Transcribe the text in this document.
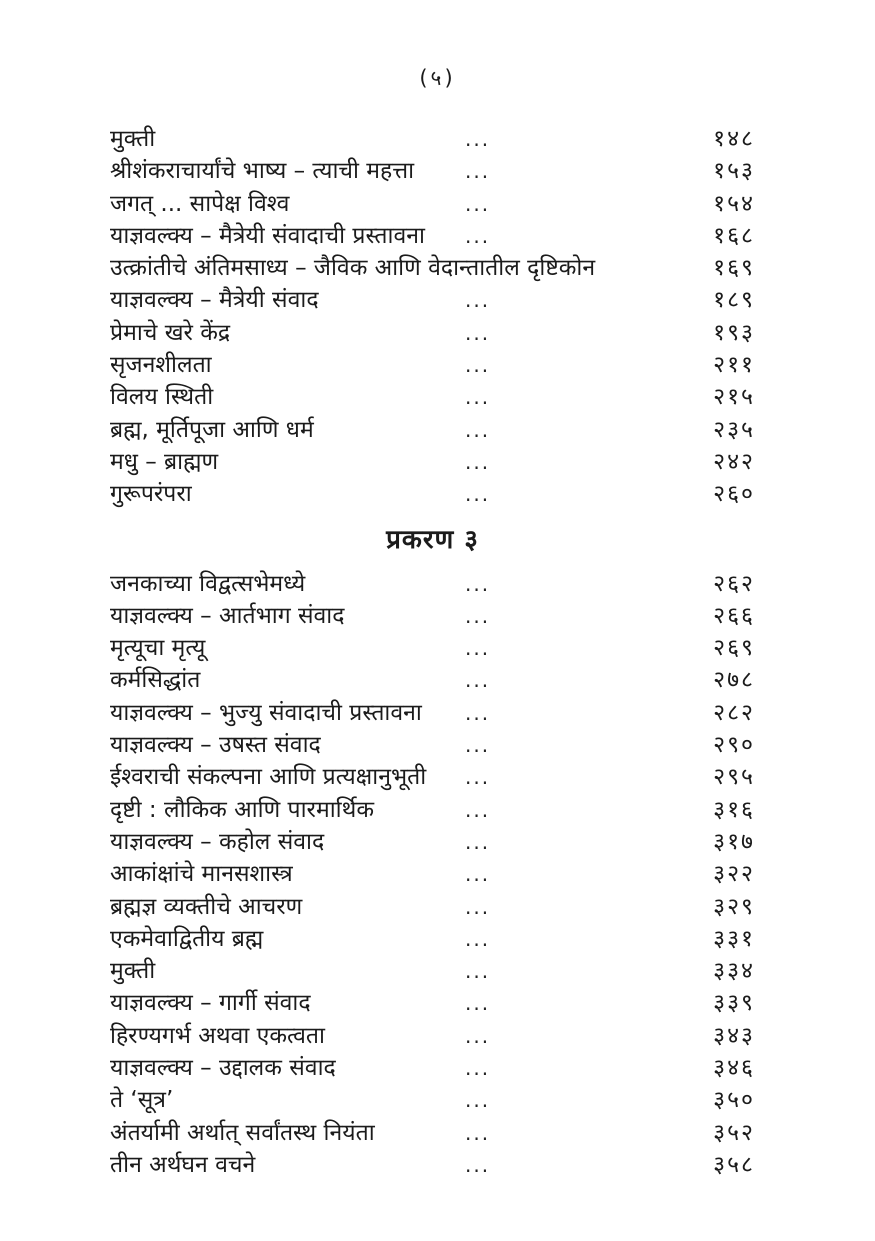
(५)
मुक्ती	...	१४८
श्रीशंकराचार्यांचे भाष्य – त्याची महत्ता	...	१५३
जगत् ... सापेक्ष विश्व	...	१५४
याज्ञवल्क्य – मैत्रेयी संवादाची प्रस्तावना	...	१६८
उत्क्रांतीचे अंतिमसाध्य – जैविक आणि वेदान्तातील दृष्टिकोन	१६९
याज्ञवल्क्य – मैत्रेयी संवाद	...	१८९
प्रेमाचे खरे केंद्र	...	१९३
सृजनशीलता	...	२११
विलय स्थिती	...	२१५
ब्रह्म, मूर्तिपूजा आणि धर्म	...	२३५
मधु – ब्राह्मण	...	२४२
गुरूपरंपरा	...	२६०
प्रकरण ३
जनकाच्या विद्वत्सभेमध्ये	...	२६२
याज्ञवल्क्य – आर्तभाग संवाद	...	२६६
मृत्यूचा मृत्यू	...	२६९
कर्मसिद्धांत	...	२७८
याज्ञवल्क्य – भुज्यु संवादाची प्रस्तावना	...	२८२
याज्ञवल्क्य – उषस्त संवाद	...	२९०
ईश्वराची संकल्पना आणि प्रत्यक्षानुभूती	...	२९५
दृष्टी : लौकिक आणि पारमार्थिक	...	३१६
याज्ञवल्क्य – कहोल संवाद	...	३१७
आकांक्षांचे मानसशास्त्र	...	३२२
ब्रह्मज्ञ व्यक्तीचे आचरण	...	३२९
एकमेवाद्वितीय ब्रह्म	...	३३१
मुक्ती	...	३३४
याज्ञवल्क्य – गार्गी संवाद	...	३३९
हिरण्यगर्भ अथवा एकत्वता	...	३४३
याज्ञवल्क्य – उद्दालक संवाद	...	३४६
ते ‘सूत्र’	...	३५०
अंतर्यामी अर्थात् सर्वांतस्थ नियंता	...	३५२
तीन अर्थघन वचने	...	३५८
